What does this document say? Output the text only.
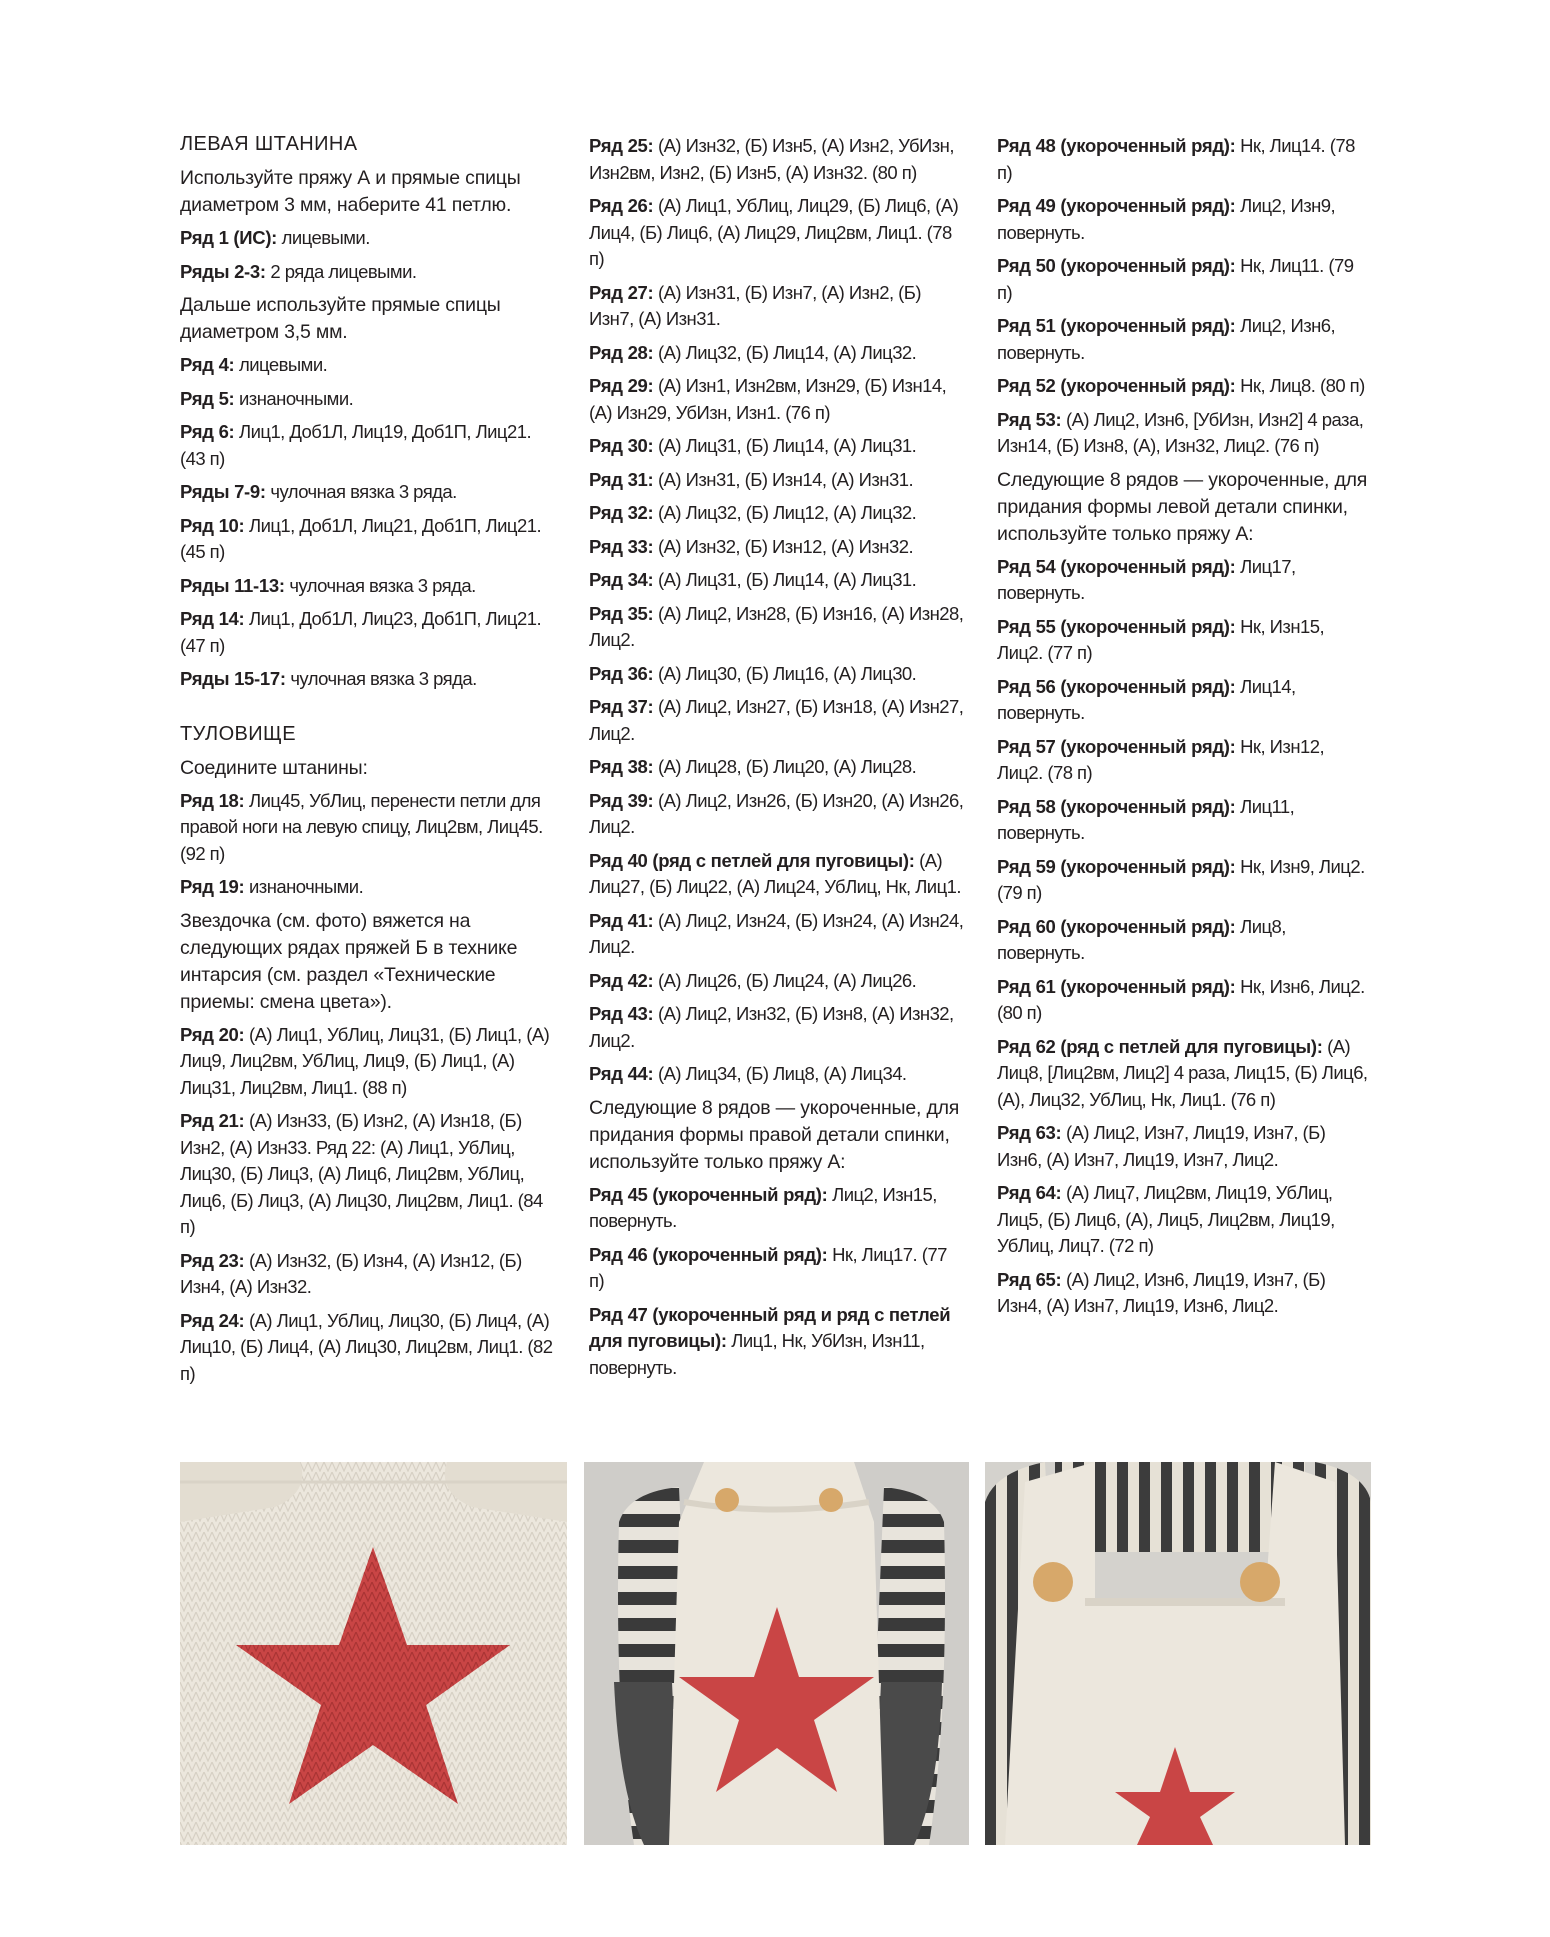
ЛЕВАЯ ШТАНИНА
Используйте пряжу А и прямые спицы диаметром 3 мм, наберите 41 петлю.
Ряд 1 (ИС): лицевыми.
Ряды 2-3: 2 ряда лицевыми.
Дальше используйте прямые спицы диаметром 3,5 мм.
Ряд 4: лицевыми.
Ряд 5: изнаночными.
Ряд 6: Лиц1, Доб1Л, Лиц19, Доб1П, Лиц21. (43 п)
Ряды 7-9: чулочная вязка 3 ряда.
Ряд 10: Лиц1, Доб1Л, Лиц21, Доб1П, Лиц21. (45 п)
Ряды 11-13: чулочная вязка 3 ряда.
Ряд 14: Лиц1, Доб1Л, Лиц23, Доб1П, Лиц21. (47 п)
Ряды 15-17: чулочная вязка 3 ряда.
ТУЛОВИЩЕ
Соедините штанины:
Ряд 18: Лиц45, УбЛиц, перенести петли для правой ноги на левую спицу, Лиц2вм, Лиц45. (92 п)
Ряд 19: изнаночными.
Звездочка (см. фото) вяжется на следующих рядах пряжей Б в технике интарсия (см. раздел «Технические приемы: смена цвета»).
Ряд 20: (А) Лиц1, УбЛиц, Лиц31, (Б) Лиц1, (А) Лиц9, Лиц2вм, УбЛиц, Лиц9, (Б) Лиц1, (А) Лиц31, Лиц2вм, Лиц1. (88 п)
Ряд 21: (А) Изн33, (Б) Изн2, (А) Изн18, (Б) Изн2, (А) Изн33. Ряд 22: (А) Лиц1, УбЛиц, Лиц30, (Б) Лиц3, (А) Лиц6, Лиц2вм, УбЛиц, Лиц6, (Б) Лиц3, (А) Лиц30, Лиц2вм, Лиц1. (84 п)
Ряд 23: (А) Изн32, (Б) Изн4, (А) Изн12, (Б) Изн4, (А) Изн32.
Ряд 24: (А) Лиц1, УбЛиц, Лиц30, (Б) Лиц4, (А) Лиц10, (Б) Лиц4, (А) Лиц30, Лиц2вм, Лиц1. (82 п)
Ряд 25: (А) Изн32, (Б) Изн5, (А) Изн2, УбИзн, Изн2вм, Изн2, (Б) Изн5, (А) Изн32. (80 п)
Ряд 26: (А) Лиц1, УбЛиц, Лиц29, (Б) Лиц6, (А) Лиц4, (Б) Лиц6, (А) Лиц29, Лиц2вм, Лиц1. (78 п)
Ряд 27: (А) Изн31, (Б) Изн7, (А) Изн2, (Б) Изн7, (А) Изн31.
Ряд 28: (А) Лиц32, (Б) Лиц14, (А) Лиц32.
Ряд 29: (А) Изн1, Изн2вм, Изн29, (Б) Изн14, (А) Изн29, УбИзн, Изн1. (76 п)
Ряд 30: (А) Лиц31, (Б) Лиц14, (А) Лиц31.
Ряд 31: (А) Изн31, (Б) Изн14, (А) Изн31.
Ряд 32: (А) Лиц32, (Б) Лиц12, (А) Лиц32.
Ряд 33: (А) Изн32, (Б) Изн12, (А) Изн32.
Ряд 34: (А) Лиц31, (Б) Лиц14, (А) Лиц31.
Ряд 35: (А) Лиц2, Изн28, (Б) Изн16, (А) Изн28, Лиц2.
Ряд 36: (А) Лиц30, (Б) Лиц16, (А) Лиц30.
Ряд 37: (А) Лиц2, Изн27, (Б) Изн18, (А) Изн27, Лиц2.
Ряд 38: (А) Лиц28, (Б) Лиц20, (А) Лиц28.
Ряд 39: (А) Лиц2, Изн26, (Б) Изн20, (А) Изн26, Лиц2.
Ряд 40 (ряд с петлей для пуговицы): (А) Лиц27, (Б) Лиц22, (А) Лиц24, УбЛиц, Нк, Лиц1.
Ряд 41: (А) Лиц2, Изн24, (Б) Изн24, (А) Изн24, Лиц2.
Ряд 42: (А) Лиц26, (Б) Лиц24, (А) Лиц26.
Ряд 43: (А) Лиц2, Изн32, (Б) Изн8, (А) Изн32, Лиц2.
Ряд 44: (А) Лиц34, (Б) Лиц8, (А) Лиц34.
Следующие 8 рядов — укороченные, для придания формы правой детали спинки, используйте только пряжу А:
Ряд 45 (укороченный ряд): Лиц2, Изн15, повернуть.
Ряд 46 (укороченный ряд): Нк, Лиц17. (77 п)
Ряд 47 (укороченный ряд и ряд с петлей для пуговицы): Лиц1, Нк, УбИзн, Изн11, повернуть.
Ряд 48 (укороченный ряд): Нк, Лиц14. (78 п)
Ряд 49 (укороченный ряд): Лиц2, Изн9, повернуть.
Ряд 50 (укороченный ряд): Нк, Лиц11. (79 п)
Ряд 51 (укороченный ряд): Лиц2, Изн6, повернуть.
Ряд 52 (укороченный ряд): Нк, Лиц8. (80 п)
Ряд 53: (А) Лиц2, Изн6, [УбИзн, Изн2] 4 раза, Изн14, (Б) Изн8, (А), Изн32, Лиц2. (76 п)
Следующие 8 рядов — укороченные, для придания формы левой детали спинки, используйте только пряжу А:
Ряд 54 (укороченный ряд): Лиц17, повернуть.
Ряд 55 (укороченный ряд): Нк, Изн15, Лиц2. (77 п)
Ряд 56 (укороченный ряд): Лиц14, повернуть.
Ряд 57 (укороченный ряд): Нк, Изн12, Лиц2. (78 п)
Ряд 58 (укороченный ряд): Лиц11, повернуть.
Ряд 59 (укороченный ряд): Нк, Изн9, Лиц2. (79 п)
Ряд 60 (укороченный ряд): Лиц8, повернуть.
Ряд 61 (укороченный ряд): Нк, Изн6, Лиц2. (80 п)
Ряд 62 (ряд с петлей для пуговицы): (А) Лиц8, [Лиц2вм, Лиц2] 4 раза, Лиц15, (Б) Лиц6, (А), Лиц32, УбЛиц, Нк, Лиц1. (76 п)
Ряд 63: (А) Лиц2, Изн7, Лиц19, Изн7, (Б) Изн6, (А) Изн7, Лиц19, Изн7, Лиц2.
Ряд 64: (А) Лиц7, Лиц2вм, Лиц19, УбЛиц, Лиц5, (Б) Лиц6, (А), Лиц5, Лиц2вм, Лиц19, УбЛиц, Лиц7. (72 п)
Ряд 65: (А) Лиц2, Изн6, Лиц19, Изн7, (Б) Изн4, (А) Изн7, Лиц19, Изн6, Лиц2.
